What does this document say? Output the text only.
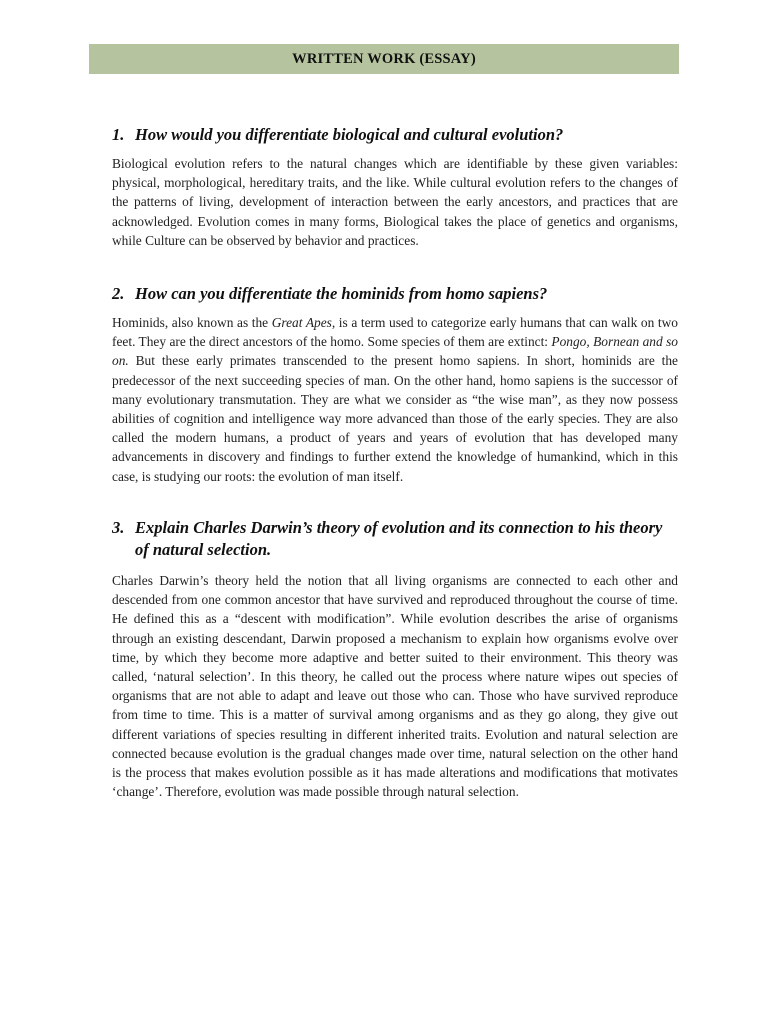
WRITTEN WORK (ESSAY)
1. How would you differentiate biological and cultural evolution?
Biological evolution refers to the natural changes which are identifiable by these given variables: physical, morphological, hereditary traits, and the like. While cultural evolution refers to the changes of the patterns of living, development of interaction between the early ancestors, and practices that are acknowledged. Evolution comes in many forms, Biological takes the place of genetics and organisms, while Culture can be observed by behavior and practices.
2. How can you differentiate the hominids from homo sapiens?
Hominids, also known as the Great Apes, is a term used to categorize early humans that can walk on two feet. They are the direct ancestors of the homo. Some species of them are extinct: Pongo, Bornean and so on. But these early primates transcended to the present homo sapiens. In short, hominids are the predecessor of the next succeeding species of man. On the other hand, homo sapiens is the successor of many evolutionary transmutation. They are what we consider as “the wise man”, as they now possess abilities of cognition and intelligence way more advanced than those of the early species. They are also called the modern humans, a product of years and years of evolution that has developed many advancements in discovery and findings to further extend the knowledge of humankind, which in this case, is studying our roots: the evolution of man itself.
3. Explain Charles Darwin’s theory of evolution and its connection to his theory of natural selection.
Charles Darwin’s theory held the notion that all living organisms are connected to each other and descended from one common ancestor that have survived and reproduced throughout the course of time. He defined this as a “descent with modification”. While evolution describes the arise of organisms through an existing descendant, Darwin proposed a mechanism to explain how organisms evolve over time, by which they become more adaptive and better suited to their environment. This theory was called, ‘natural selection’. In this theory, he called out the process where nature wipes out species of organisms that are not able to adapt and leave out those who can. Those who have survived reproduce from time to time. This is a matter of survival among organisms and as they go along, they give out different variations of species resulting in different inherited traits. Evolution and natural selection are connected because evolution is the gradual changes made over time, natural selection on the other hand is the process that makes evolution possible as it has made alterations and modifications that motivates ‘change’. Therefore, evolution was made possible through natural selection.
